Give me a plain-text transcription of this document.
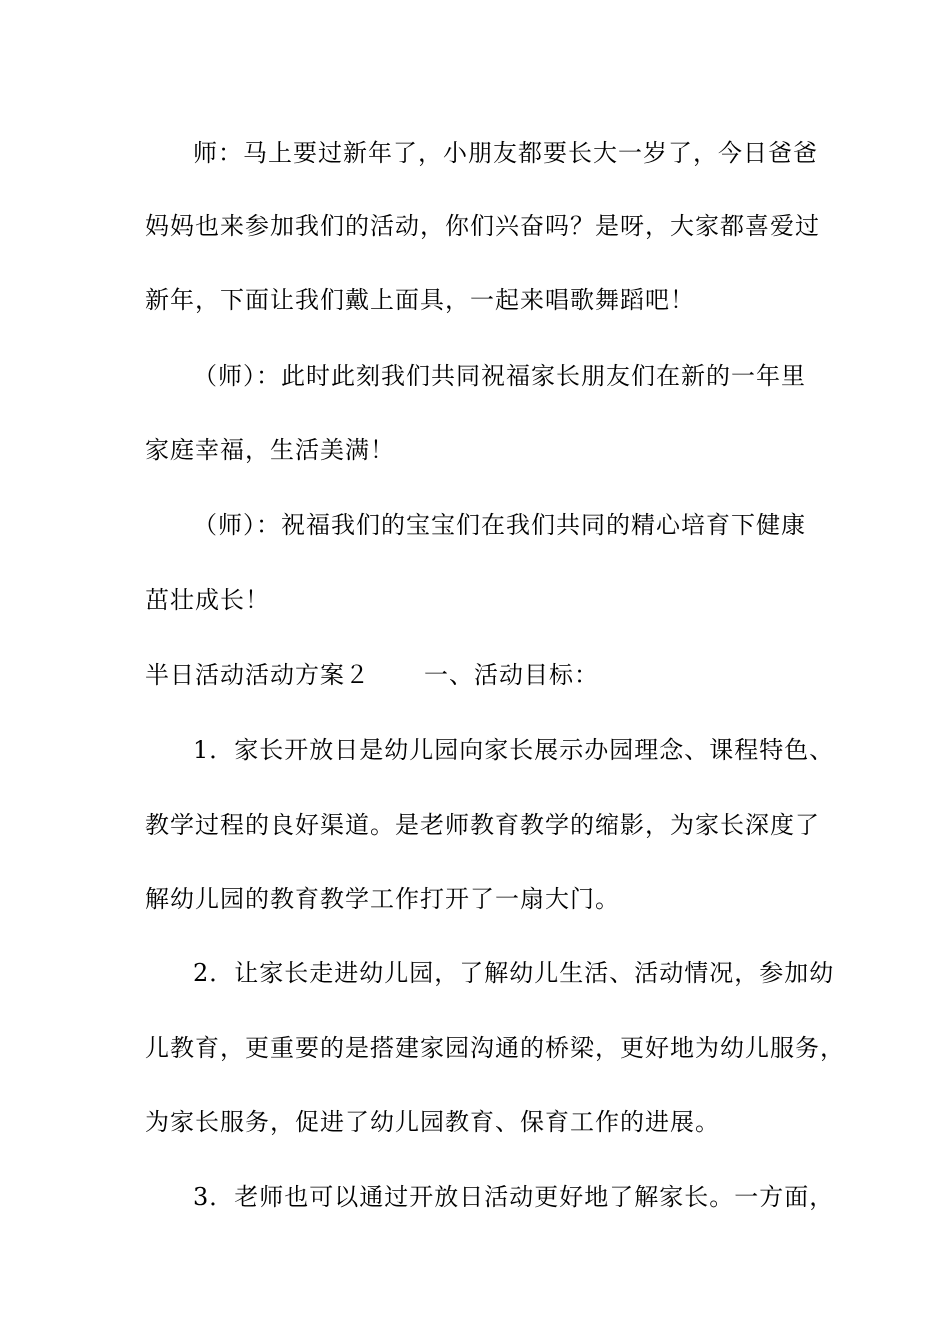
师：马上要过新年了，小朋友都要长大一岁了，今日爸爸
妈妈也来参加我们的活动，你们兴奋吗？是呀，大家都喜爱过
新年，下面让我们戴上面具，一起来唱歌舞蹈吧！
（师）：此时此刻我们共同祝福家长朋友们在新的一年里
家庭幸福，生活美满！
（师）：祝福我们的宝宝们在我们共同的精心培育下健康
茁壮成长！
半日活动活动方案２ 一、活动目标：
1．家长开放日是幼儿园向家长展示办园理念、课程特色、
教学过程的良好渠道。是老师教育教学的缩影，为家长深度了
解幼儿园的教育教学工作打开了一扇大门。
2．让家长走进幼儿园，了解幼儿生活、活动情况，参加幼
儿教育，更重要的是搭建家园沟通的桥梁，更好地为幼儿服务，
为家长服务，促进了幼儿园教育、保育工作的进展。
3．老师也可以通过开放日活动更好地了解家长。一方面，
